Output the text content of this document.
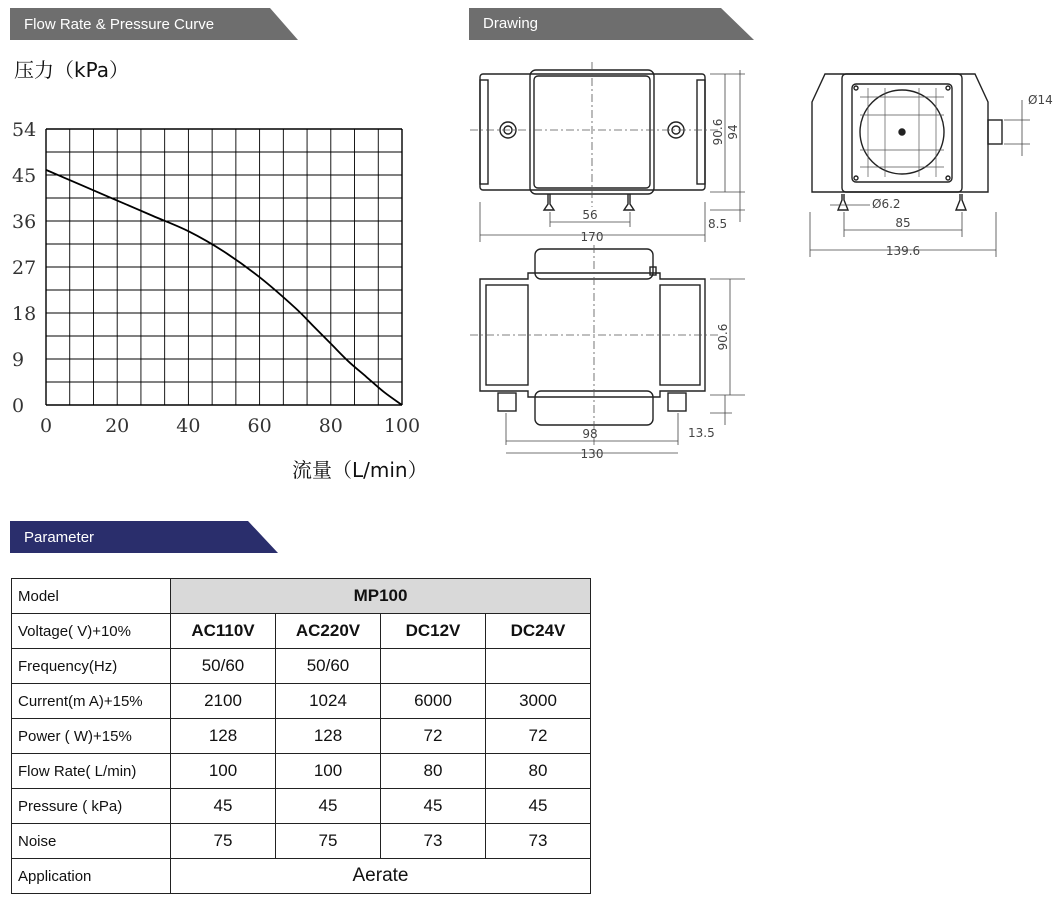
Flow Rate & Pressure Curve	Drawing
Parameter
压力（kPa）
流量（L/min）
0	20 40 60 80 100
54
45
36
27
18
9
0
56
170
90.6 94
8.5
Ø6.2
85
139.6
Ø14
98
130
90.6
13.5
Model	MP100			
Voltage( V)+10%	AC110V	AC220V	DC12V	DC24V
Frequency(Hz)	50/60	50/60		
Current(m A)+15%	2100	1024	6000	3000
Power ( W)+15%	128	128	72	72
Flow Rate( L/min)	100	100	80	80
Pressure ( kPa)	45	45	45	45
Noise	75	75	73	73
Application	Aerate			
